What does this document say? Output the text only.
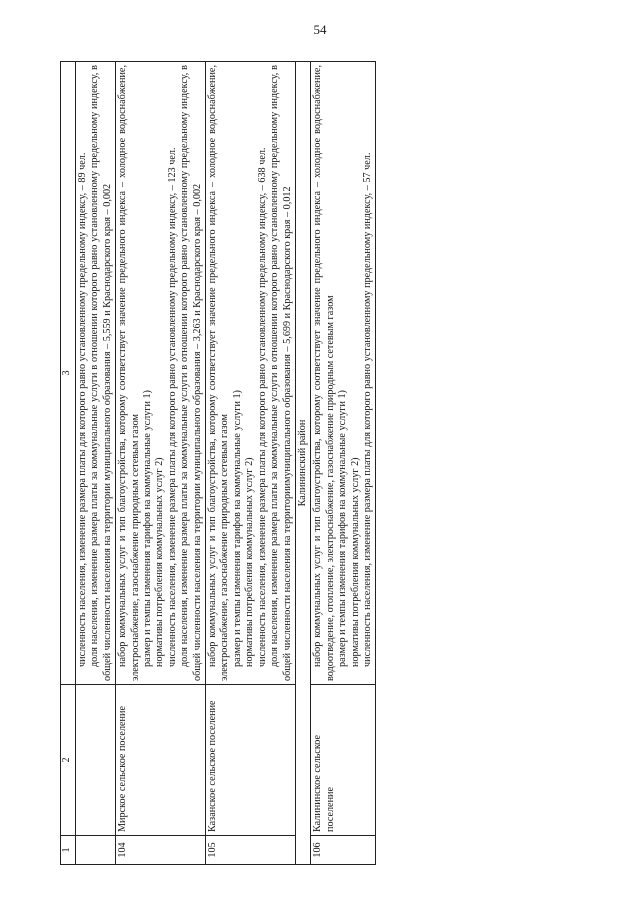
54
1	2	3

		численность населения, изменение размера платы для которого равно установленному предельному индексу, – 89 чел. доля населения, изменение размера платы за коммунальные услуги в отношении которого равно установленному предельному индексу, в общей численности населения на территории муниципального образования – 5,559 и Краснодарского края – 0,002

104	Мирское сельское поселение	набор коммунальных услуг и тип благоустройства, которому соответствует значение предельного индекса – холодное водоснабжение, электроснабжение, газоснабжение природным сетевым газом размер и темпы изменения тарифов на коммунальные услуги 1) нормативы потребления коммунальных услуг 2) численность населения, изменение размера платы для которого равно установленному предельному индексу, – 123 чел. доля населения, изменение размера платы за коммунальные услуги в отношении которого равно установленному предельному индексу, в общей численности населения на территории муниципального образования – 3,263 и Краснодарского края – 0,002

105	Казанское сельское поселение	набор коммунальных услуг и тип благоустройства, которому соответствует значение предельного индекса – холодное водоснабжение, электроснабжение, газоснабжение природным сетевым газом размер и темпы изменения тарифов на коммунальные услуги 1) нормативы потребления коммунальных услуг 2) численность населения, изменение размера платы для которого равно установленному предельному индексу, – 638 чел. доля населения, изменение размера платы за коммунальные услуги в отношении которого равно установленному предельному индексу, в общей численности населения на территориимуниципального образования – 5,699 и Краснодарского края – 0,012

Калининский район		
106	Калининское сельское поселение	набор коммунальных услуг и тип благоустройства, которому соответствует значение предельного индекса – холодное водоснабжение, водоотведение, отопление, электроснабжение, газоснабжение природным сетевым газом размер и темпы изменения тарифов на коммунальные услуги 1) нормативы потребления коммунальных услуг 2) численность населения, изменение размера платы для которого равно установленному предельному индексу, – 57 чел.
